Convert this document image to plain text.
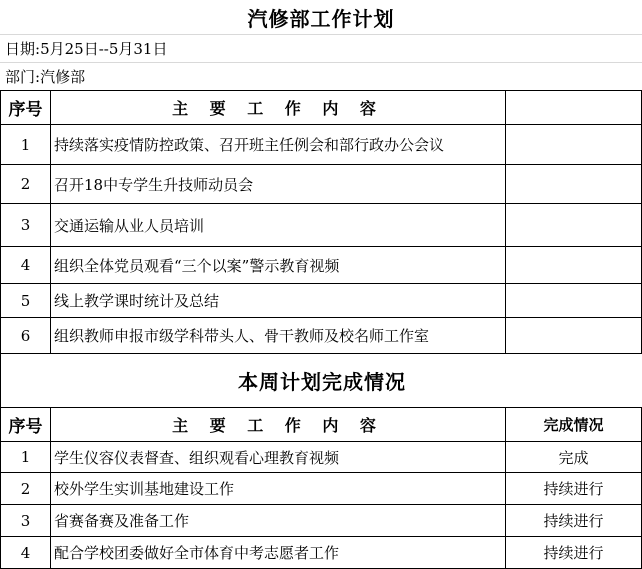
汽修部工作计划
日期: 5月25日--5月31日
部门: 汽修部
序号	主 要 工 作 内 容	
1	持续落实疫情防控政策、召开班主任例会和部行政办公会议	
2	召开18中专学生升技师动员会	
3	交通运输从业人员培训	
4	组织全体党员观看“三个以案”警示教育视频	
5	线上教学课时统计及总结	
6	组织教师申报市级学科带头人、骨干教师及校名师工作室	
本周计划完成情况
序号	主 要 工 作 内 容	完成情况
1	学生仪容仪表督查、组织观看心理教育视频	完成
2	校外学生实训基地建设工作	持续进行
3	省赛备赛及准备工作	持续进行
4	配合学校团委做好全市体育中考志愿者工作	持续进行
